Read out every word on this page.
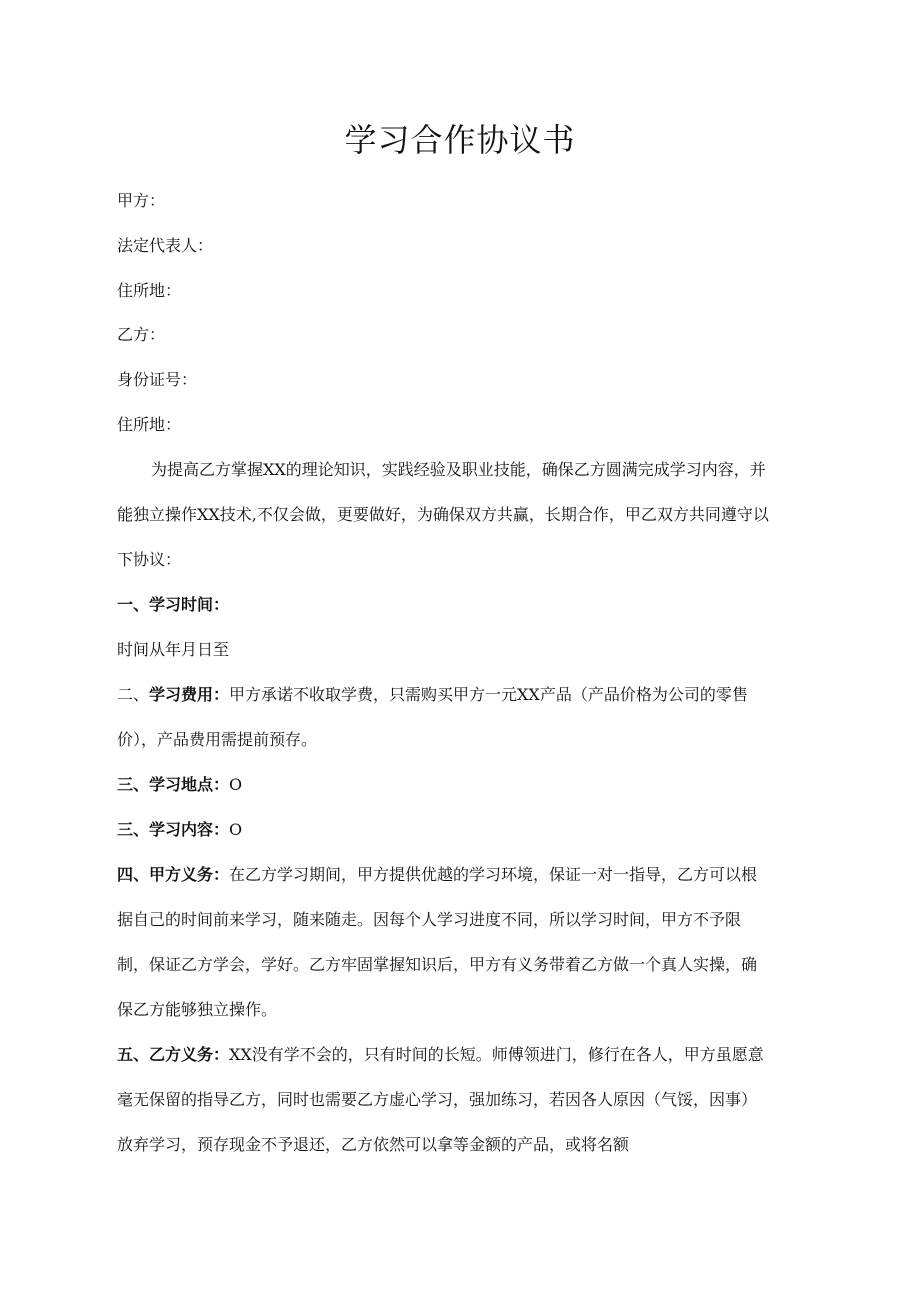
学习合作协议书
甲方：
法定代表人：
住所地：
乙方：
身份证号：
住所地：
为提高乙方掌握XX的理论知识，实践经验及职业技能，确保乙方圆满完成学习内容，并
能独立操作XX技术,不仅会做，更要做好，为确保双方共赢，长期合作，甲乙双方共同遵守以
下协议：
一、学习时间：
时间从年月日至
二、学习费用：甲方承诺不收取学费，只需购买甲方一元XX产品（产品价格为公司的零售
价），产品费用需提前预存。
三、学习地点：O
三、学习内容：O
四、甲方义务：在乙方学习期间，甲方提供优越的学习环境，保证一对一指导，乙方可以根
据自己的时间前来学习，随来随走。因每个人学习进度不同，所以学习时间，甲方不予限
制，保证乙方学会，学好。乙方牢固掌握知识后，甲方有义务带着乙方做一个真人实操，确
保乙方能够独立操作。
五、乙方义务：XX没有学不会的，只有时间的长短。师傅领进门，修行在各人，甲方虽愿意
毫无保留的指导乙方，同时也需要乙方虚心学习，强加练习，若因各人原因（气馁，因事）
放弃学习，预存现金不予退还，乙方依然可以拿等金额的产品，或将名额
